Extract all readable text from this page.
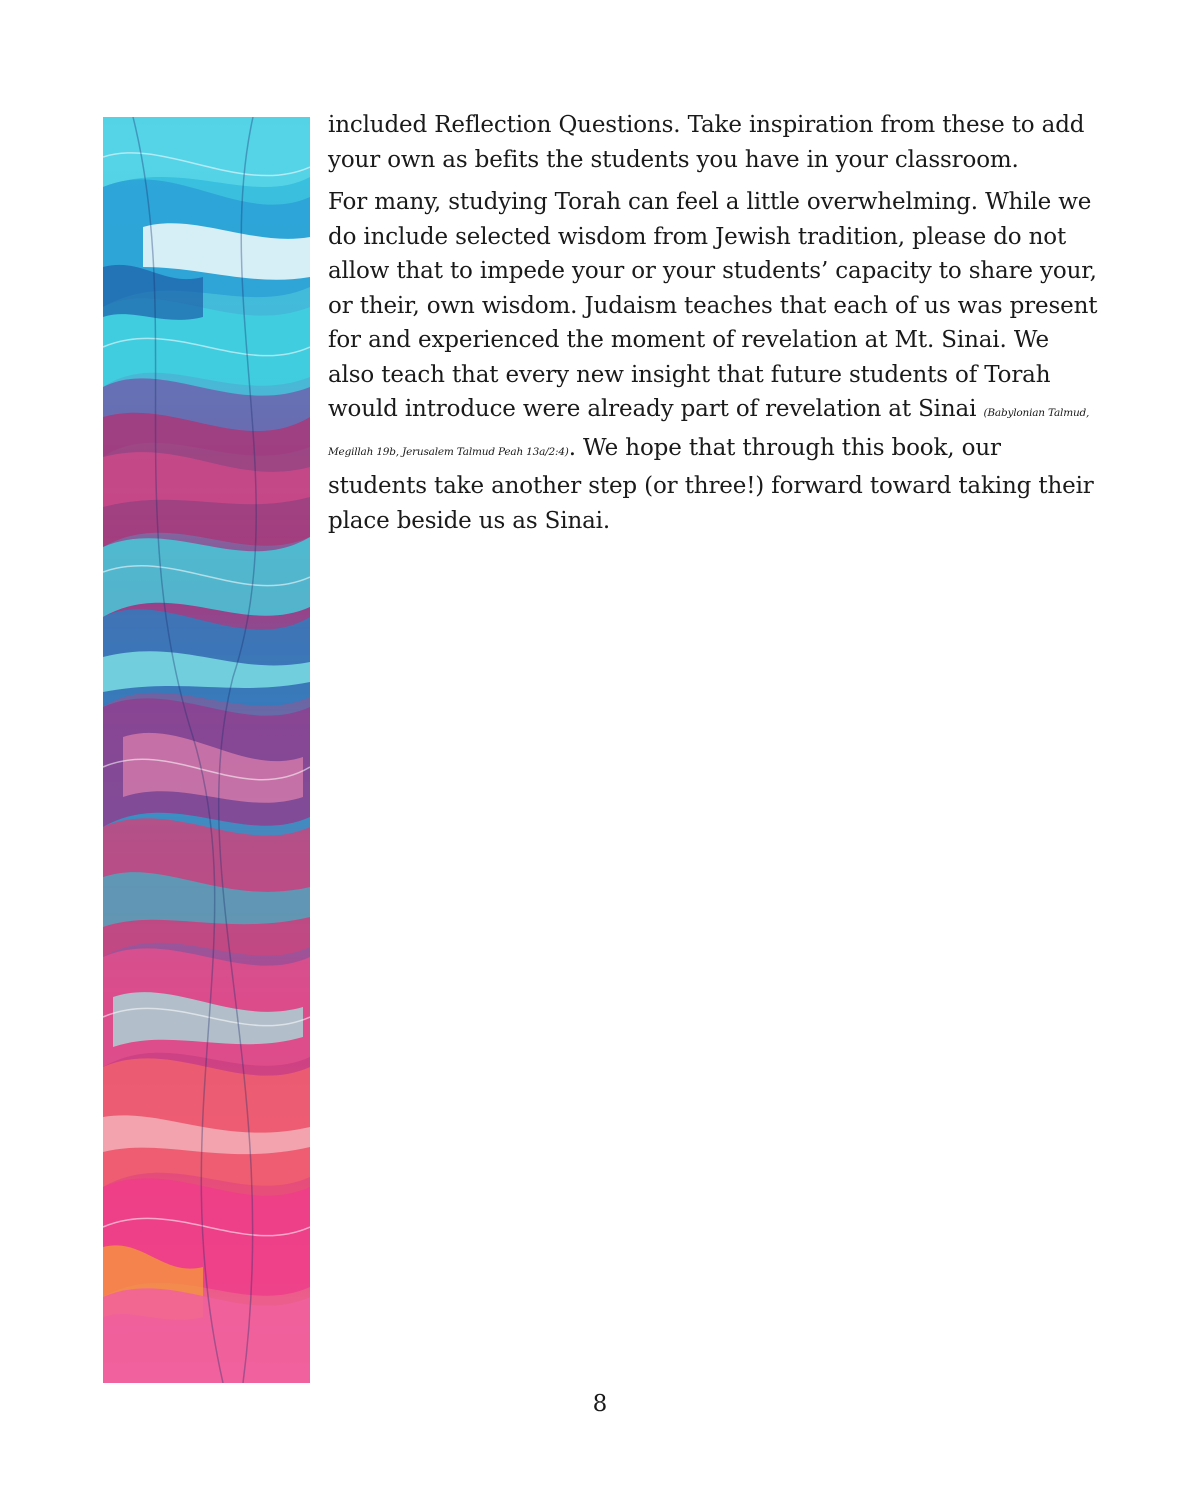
included Reflection Questions. Take inspiration from these to add your own as befits the students you have in your classroom.

For many, studying Torah can feel a little overwhelming. While we do include selected wisdom from Jewish tradition, please do not allow that to impede your or your students’ capacity to share your, or their, own wisdom. Judaism teaches that each of us was present for and experienced the moment of revelation at Mt. Sinai. We also teach that every new insight that future students of Torah would introduce were already part of revelation at Sinai (Babylonian Talmud, Megillah 19b, Jerusalem Talmud Peah 13a/2:4). We hope that through this book, our students take another step (or three!) forward toward taking their place beside us as Sinai.

8
